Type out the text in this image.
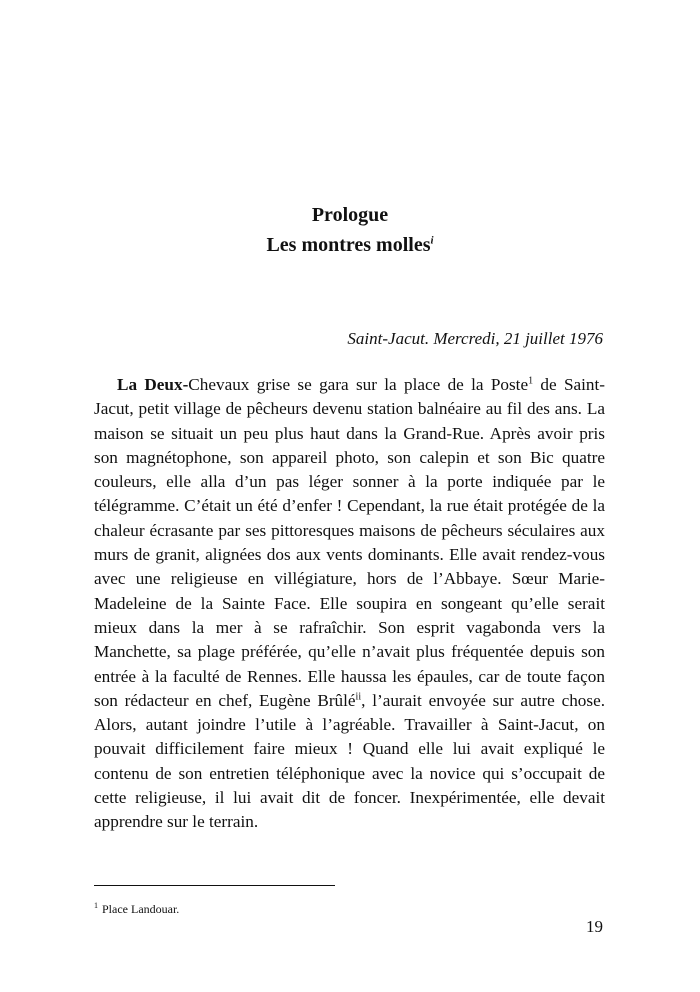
Prologue
Les montres molles$^i$
Saint-Jacut. Mercredi, 21 juillet 1976

La Deux-Chevaux grise se gara sur la place de la Poste$^1$ de Saint-Jacut, petit village de pêcheurs devenu station balnéaire au fil des ans. La maison se situait un peu plus haut dans la Grand-Rue. Après avoir pris son magnétophone, son appareil photo, son calepin et son Bic quatre couleurs, elle alla d’un pas léger sonner à la porte indiquée par le télégramme. C’était un été d’enfer ! Cependant, la rue était protégée de la chaleur écrasante par ses pittoresques maisons de pêcheurs séculaires aux murs de granit, alignées dos aux vents dominants. Elle avait rendez-vous avec une religieuse en villégiature, hors de l’Abbaye. Sœur Marie-Madeleine de la Sainte Face. Elle soupira en songeant qu’elle serait mieux dans la mer à se rafraîchir. Son esprit vagabonda vers la Manchette, sa plage préférée, qu’elle n’avait plus fréquentée depuis son entrée à la faculté de Rennes. Elle haussa les épaules, car de toute façon son rédacteur en chef, Eugène Brûlé$^{ii}$, l’aurait envoyée sur autre chose. Alors, autant joindre l’utile à l’agréable. Travailler à Saint-Jacut, on pouvait difficilement faire mieux ! Quand elle lui avait expliqué le contenu de son entretien téléphonique avec la novice qui s’occupait de cette religieuse, il lui avait dit de foncer. Inexpérimentée, elle devait apprendre sur le terrain.

$^1$ Place Landouar.
19
